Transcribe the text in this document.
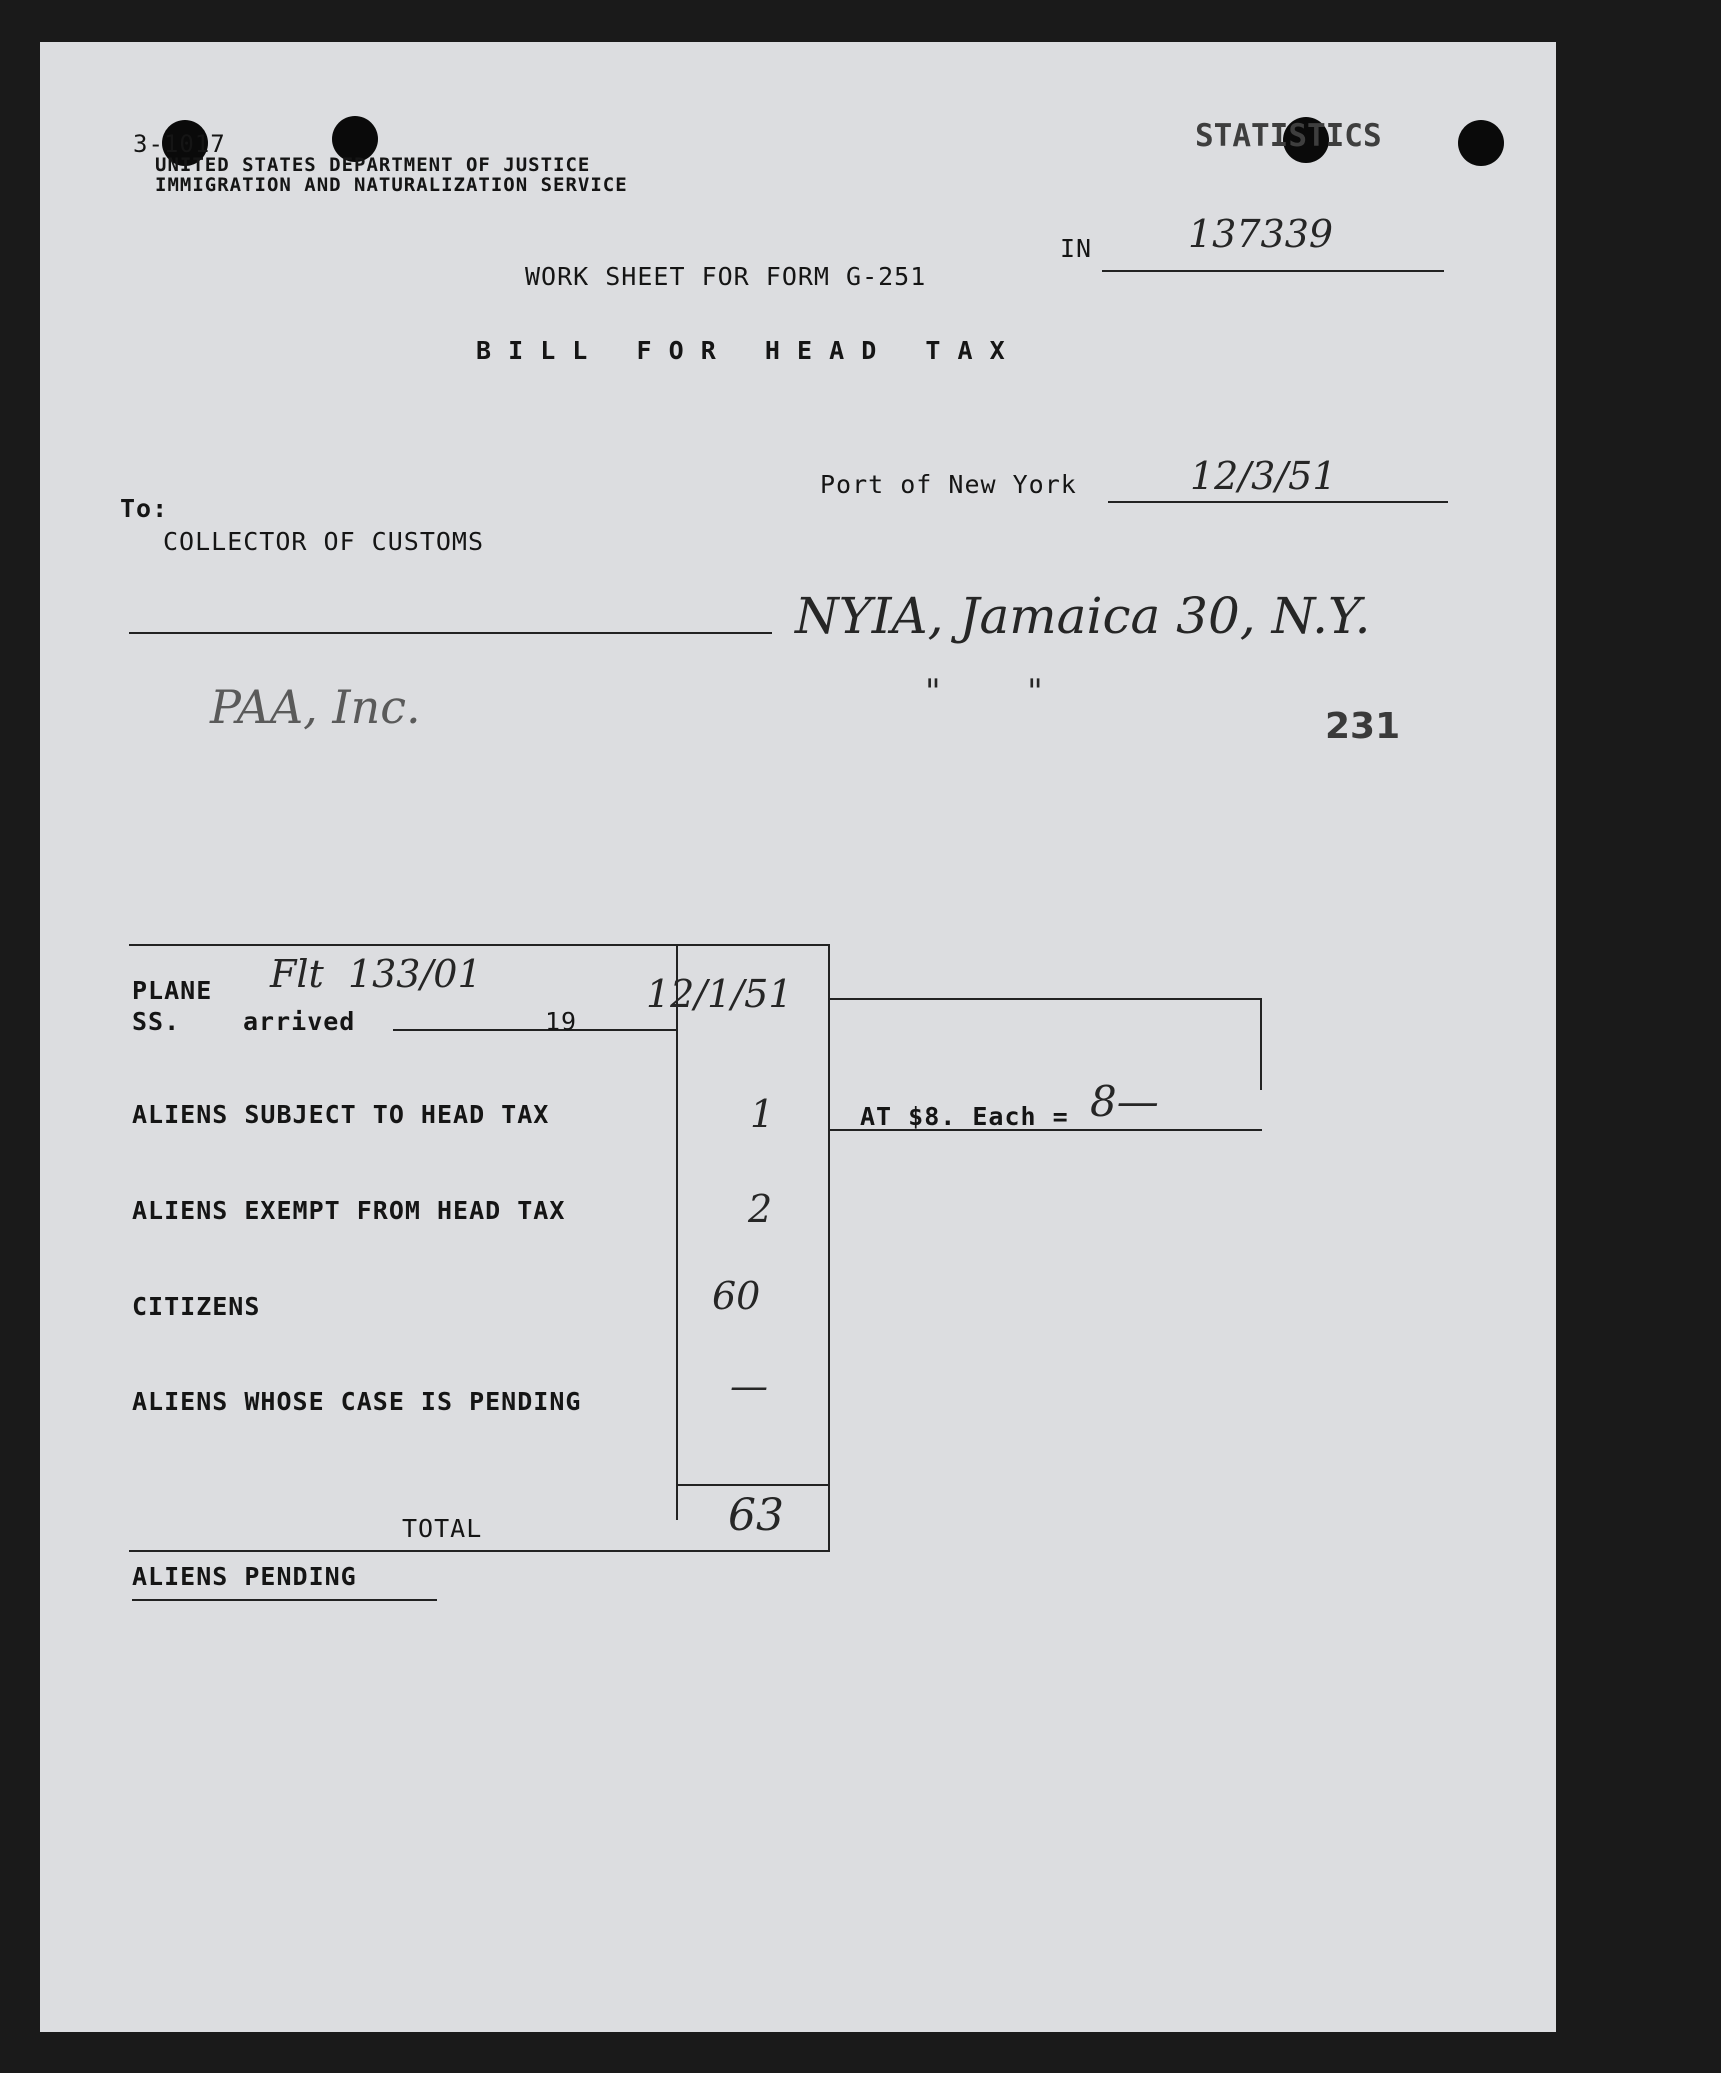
3-1017
UNITED STATES DEPARTMENT OF JUSTICE
IMMIGRATION AND NATURALIZATION SERVICE
STATISTICS
IN	137339
WORK SHEET FOR FORM G-251
B I L L   F O R   H E A D   T A X
Port of New York	12/3/51
To:
COLLECTOR OF CUSTOMS
PAA, Inc.
NYIA, Jamaica 30, N.Y.
"        "
231
PLANE
SS.	arrived
Flt  133/01
19
12/1/51
ALIENS SUBJECT TO HEAD TAX	1
ALIENS EXEMPT FROM HEAD TAX	2
CITIZENS	60
ALIENS WHOSE CASE IS PENDING	—
AT $8. Each = 8—
TOTAL	63
ALIENS PENDING
